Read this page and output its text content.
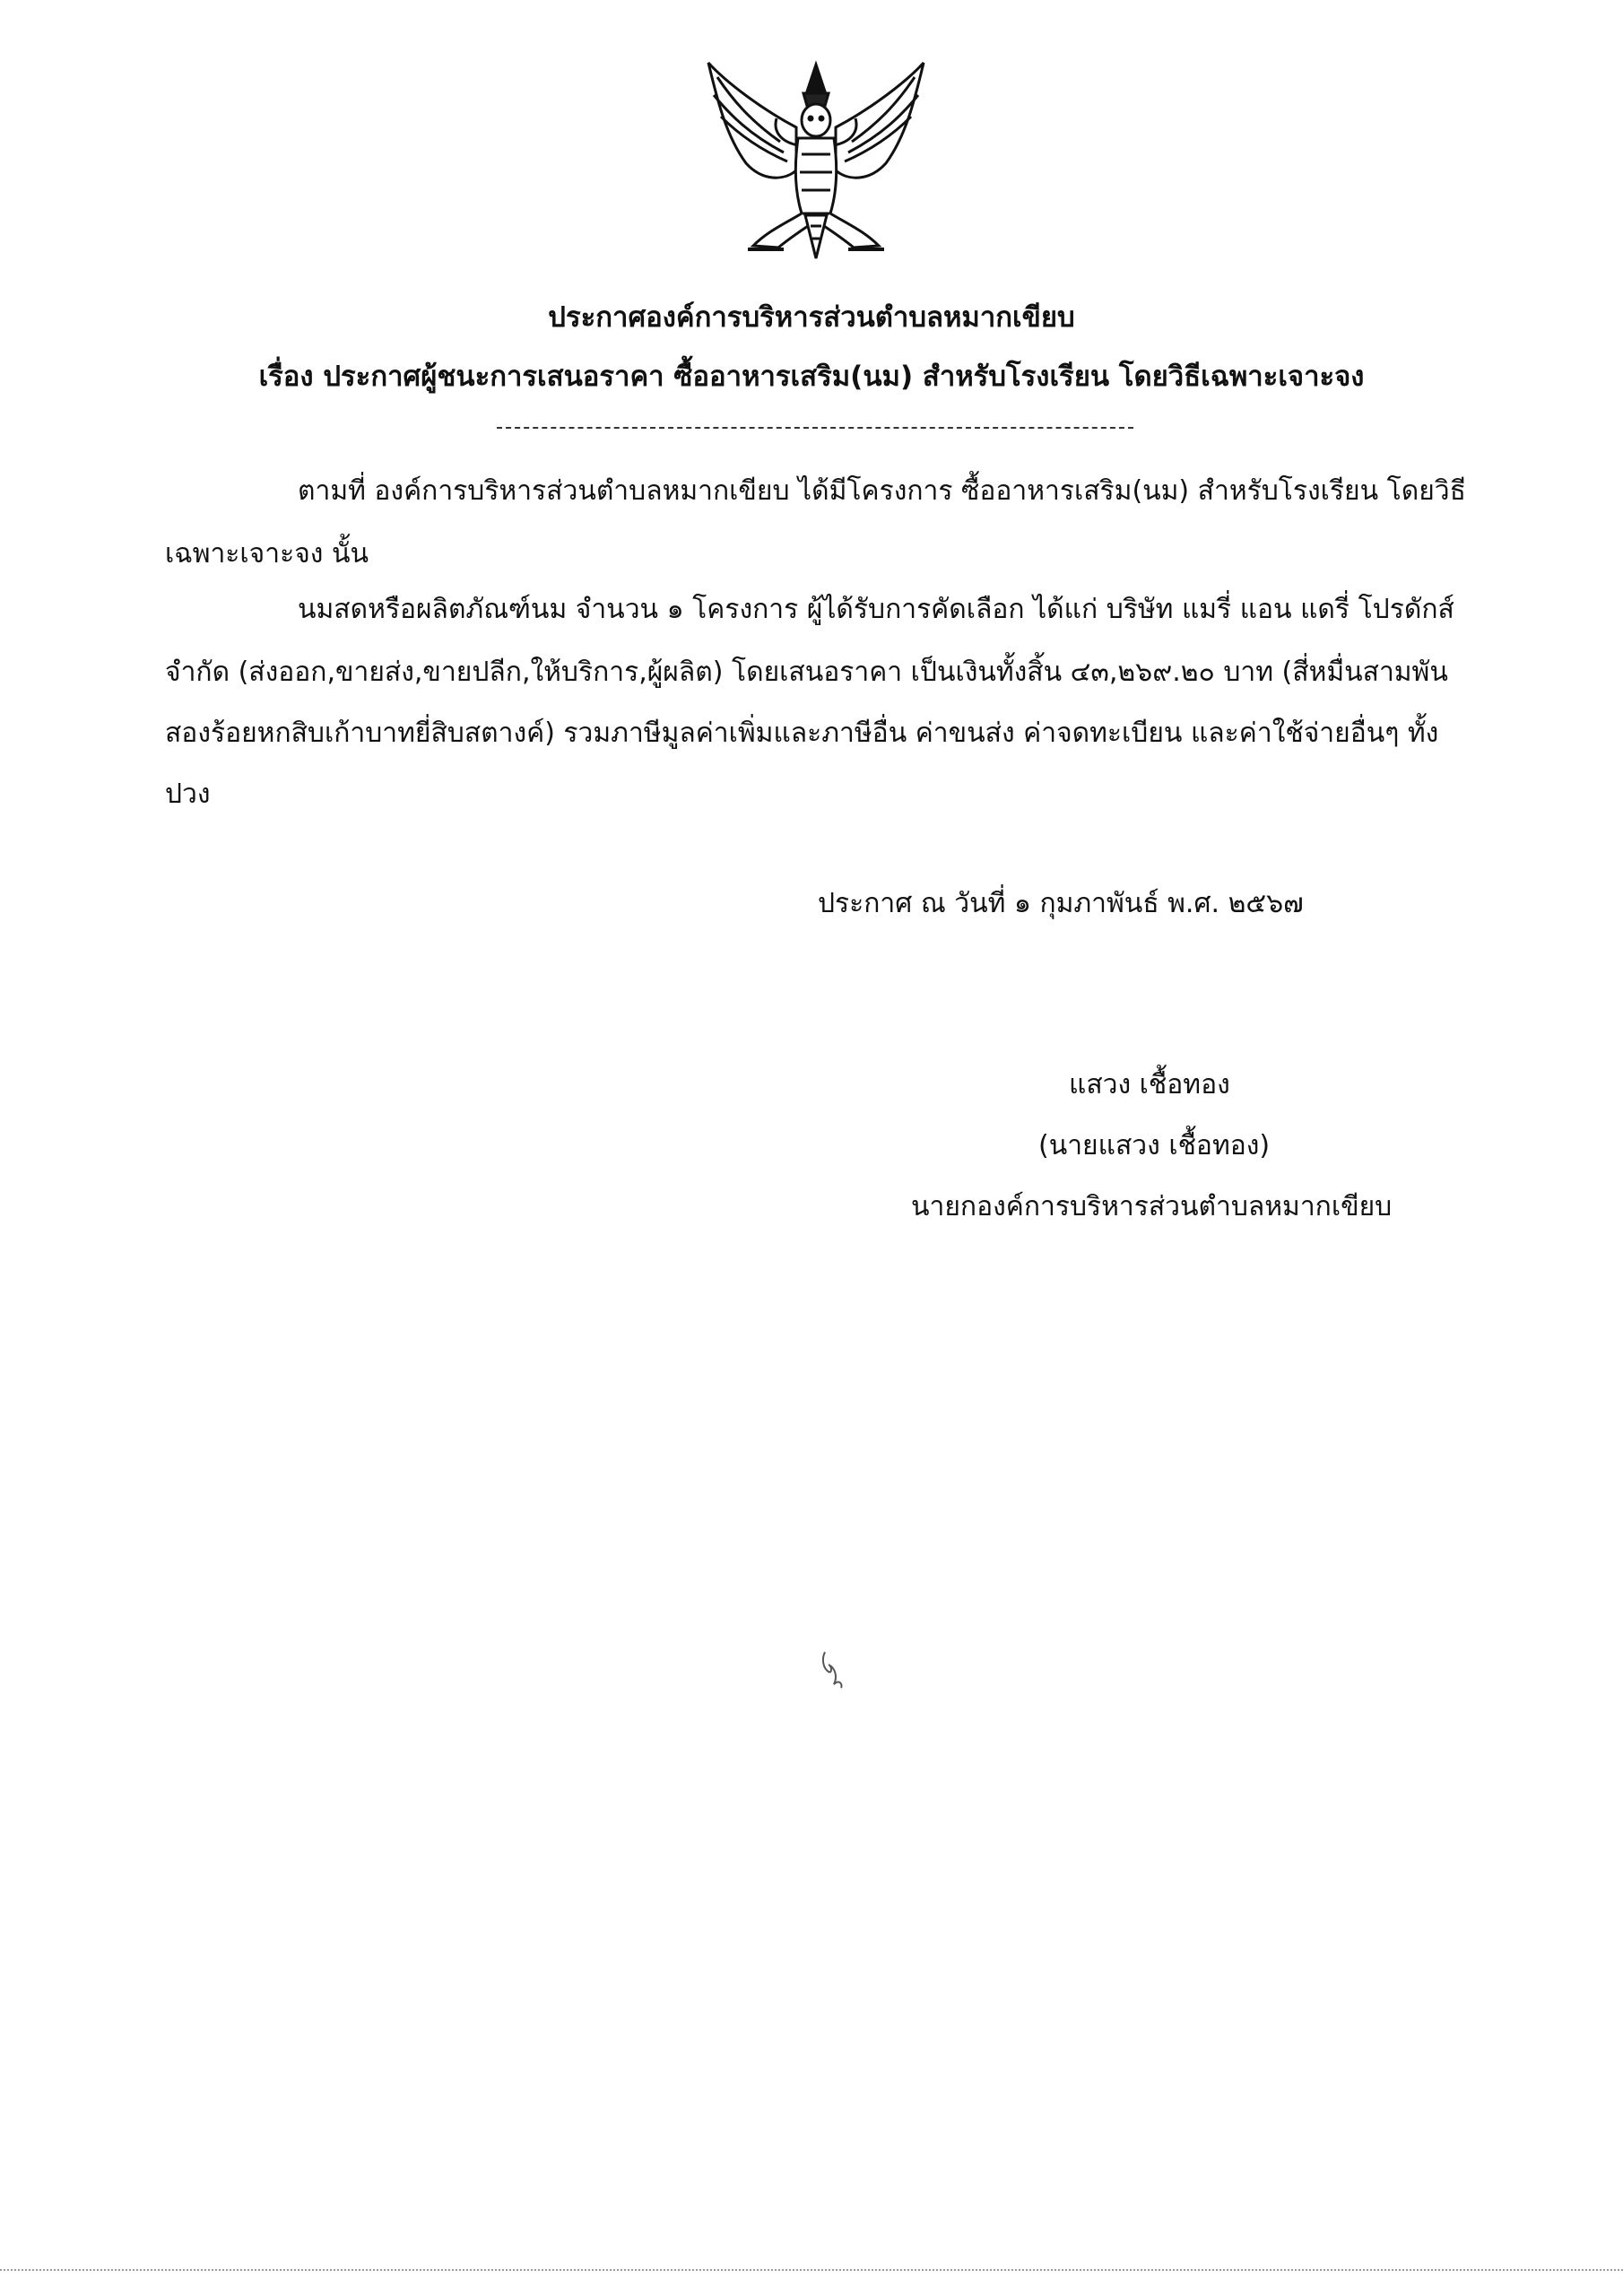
ประกาศองค์การบริหารส่วนตำบลหมากเขียบ
เรื่อง ประกาศผู้ชนะการเสนอราคา ซื้ออาหารเสริม(นม) สำหรับโรงเรียน โดยวิธีเฉพาะเจาะจง
ตามที่ องค์การบริหารส่วนตำบลหมากเขียบ ได้มีโครงการ ซื้ออาหารเสริม(นม) สำหรับโรงเรียน โดยวิธี
เฉพาะเจาะจง นั้น
นมสดหรือผลิตภัณฑ์นม จำนวน ๑ โครงการ ผู้ได้รับการคัดเลือก ได้แก่ บริษัท แมรี่ แอน แดรี่ โปรดักส์
จำกัด (ส่งออก,ขายส่ง,ขายปลีก,ให้บริการ,ผู้ผลิต) โดยเสนอราคา เป็นเงินทั้งสิ้น ๔๓,๒๖๙.๒๐ บาท (สี่หมื่นสามพัน
สองร้อยหกสิบเก้าบาทยี่สิบสตางค์) รวมภาษีมูลค่าเพิ่มและภาษีอื่น ค่าขนส่ง ค่าจดทะเบียน และค่าใช้จ่ายอื่นๆ ทั้ง
ปวง
ประกาศ ณ วันที่ ๑ กุมภาพันธ์ พ.ศ. ๒๕๖๗
แสวง เชื้อทอง
(นายแสวง เชื้อทอง)
นายกองค์การบริหารส่วนตำบลหมากเขียบ
